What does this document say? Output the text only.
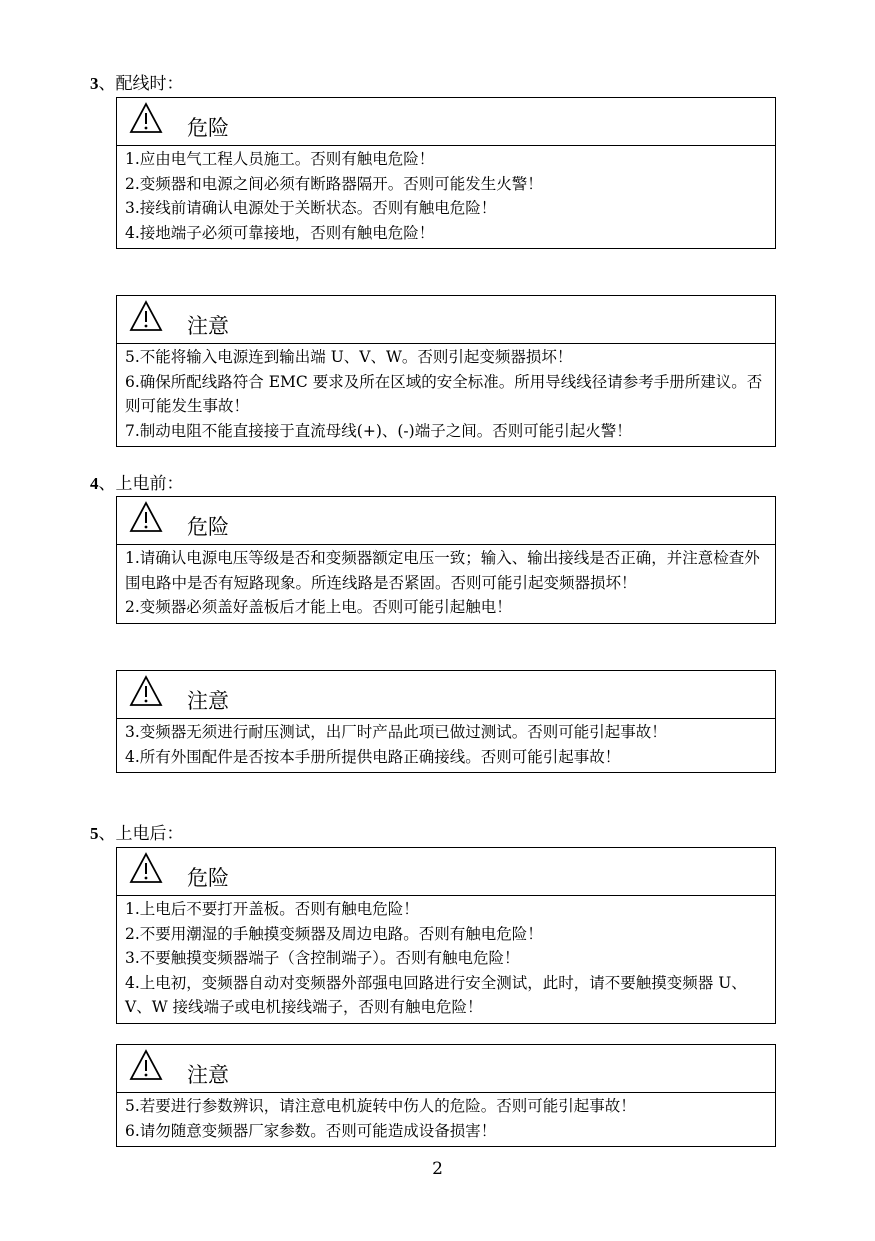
3、配线时：
危险

1.应由电气工程人员施工。否则有触电危险！

2.变频器和电源之间必须有断路器隔开。否则可能发生火警！

3.接线前请确认电源处于关断状态。否则有触电危险！

4.接地端子必须可靠接地，否则有触电危险！

注意

5.不能将输入电源连到输出端 U、V、W。否则引起变频器损坏！

6.确保所配线路符合 EMC 要求及所在区域的安全标准。所用导线线径请参考手册所建议。否则可能发生事故！

7.制动电阻不能直接接于直流母线(+)、(-)端子之间。否则可能引起火警！

4、上电前：
危险

1.请确认电源电压等级是否和变频器额定电压一致；输入、输出接线是否正确，并注意检查外围电路中是否有短路现象。所连线路是否紧固。否则可能引起变频器损坏！

2.变频器必须盖好盖板后才能上电。否则可能引起触电！

注意

3.变频器无须进行耐压测试，出厂时产品此项已做过测试。否则可能引起事故！

4.所有外围配件是否按本手册所提供电路正确接线。否则可能引起事故！

5、上电后：
危险

1.上电后不要打开盖板。否则有触电危险！

2.不要用潮湿的手触摸变频器及周边电路。否则有触电危险！

3.不要触摸变频器端子（含控制端子）。否则有触电危险！

4.上电初，变频器自动对变频器外部强电回路进行安全测试，此时，请不要触摸变频器 U、V、W 接线端子或电机接线端子，否则有触电危险！

注意

5.若要进行参数辨识，请注意电机旋转中伤人的危险。否则可能引起事故！

6.请勿随意变频器厂家参数。否则可能造成设备损害！

2
